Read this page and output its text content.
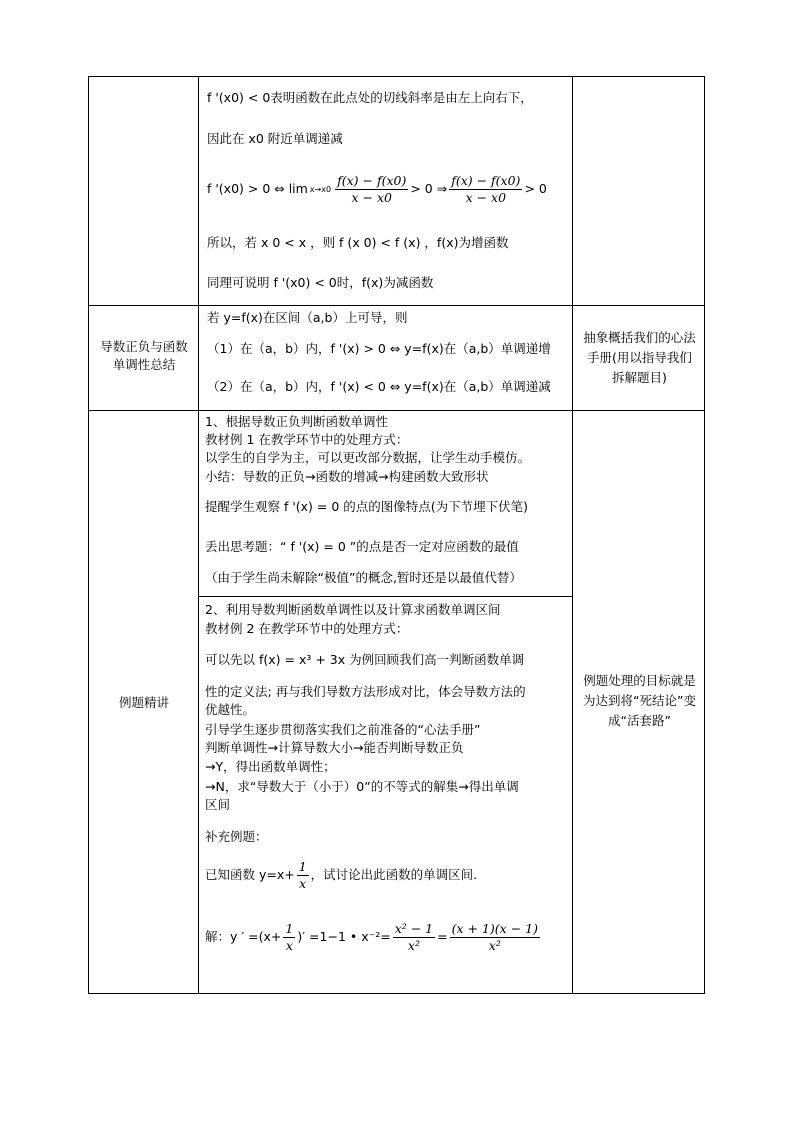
f '(x0) < 0表明函数在此点处的切线斜率是由左上向右下，
因此在 x0 附近单调递减
f '(x0) > 0 ⇔ $\lim x\to x0 \frac{f(x) - f(x0)}{x - x0} > 0$ ⇒ $\frac{f(x) - f(x0)}{x - x0} > 0$
所以，若 x 0 < x ，则 f (x 0) < f (x) ，f(x)为增函数
同理可说明 f '(x0) < 0时，f(x)为减函数
导数正负与函数单调性总结
若 y=f(x)在区间（a,b）上可导，则
（1）在（a，b）内，f '(x) > 0 ⇔ y=f(x)在（a,b）单调递增
（2）在（a，b）内，f '(x) < 0 ⇔ y=f(x)在（a,b）单调递减
抽象概括我们的心法手册(用以指导我们拆解题目)
例题精讲
例题处理的目标就是为达到将“死结论”变成“活套路”
1、根据导数正负判断函数单调性
教材例 1 在教学环节中的处理方式：
以学生的自学为主，可以更改部分数据，让学生动手模仿。
小结：导数的正负→函数的增减→构建函数大致形状
提醒学生观察 f '(x) = 0 的点的图像特点(为下节埋下伏笔)
丢出思考题：“ f '(x) = 0 ”的点是否一定对应函数的最值
（由于学生尚未解除“极值”的概念,暂时还是以最值代替）
2、利用导数判断函数单调性以及计算求函数单调区间
教材例 2 在教学环节中的处理方式：
可以先以 f(x) = x³ + 3x 为例回顾我们高一判断函数单调
性的定义法; 再与我们导数方法形成对比，体会导数方法的
优越性。
引导学生逐步贯彻落实我们之前准备的“心法手册”
判断单调性→计算导数大小→能否判断导数正负
→Y，得出函数单调性；
→N，求“导数大于（小于）0”的不等式的解集→得出单调
区间
补充例题：
已知函数 $y=x+ \frac{1}{x}$ ，试讨论出此函数的单调区间.
解：y ′ $=(x+ \frac{1}{x}$ )′ =1−1 • $x^{-2}= \frac{\text{x² − 1}}{\text{x²}} = \frac{(x + 1)(x - 1)}{\text{x²}}$
